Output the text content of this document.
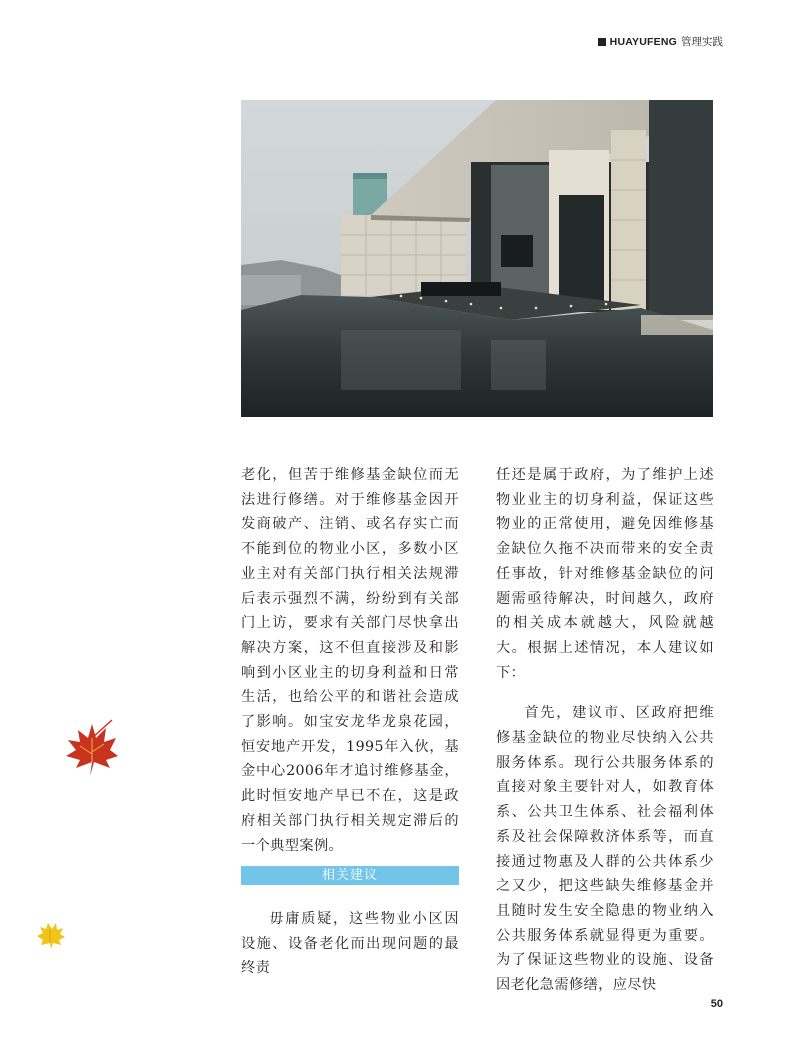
HUAYUFENG 管理实践

老化，但苦于维修基金缺位而无法进行修缮。对于维修基金因开发商破产、注销、或名存实亡而不能到位的物业小区，多数小区业主对有关部门执行相关法规滞后表示强烈不满，纷纷到有关部门上访，要求有关部门尽快拿出解决方案，这不但直接涉及和影响到小区业主的切身利益和日常生活，也给公平的和谐社会造成了影响。如宝安龙华龙泉花园，恒安地产开发，1995年入伙，基金中心2006年才追讨维修基金，此时恒安地产早已不在，这是政府相关部门执行相关规定滞后的一个典型案例。

相关建议

毋庸质疑，这些物业小区因设施、设备老化而出现问题的最终责

任还是属于政府，为了维护上述物业业主的切身利益，保证这些物业的正常使用，避免因维修基金缺位久拖不决而带来的安全责任事故，针对维修基金缺位的问题需亟待解决，时间越久，政府的相关成本就越大，风险就越大。根据上述情况，本人建议如下：

首先，建议市、区政府把维修基金缺位的物业尽快纳入公共服务体系。现行公共服务体系的直接对象主要针对人，如教育体系、公共卫生体系、社会福利体系及社会保障救济体系等，而直接通过物惠及人群的公共体系少之又少，把这些缺失维修基金并且随时发生安全隐患的物业纳入公共服务体系就显得更为重要。为了保证这些物业的设施、设备因老化急需修缮，应尽快

50
